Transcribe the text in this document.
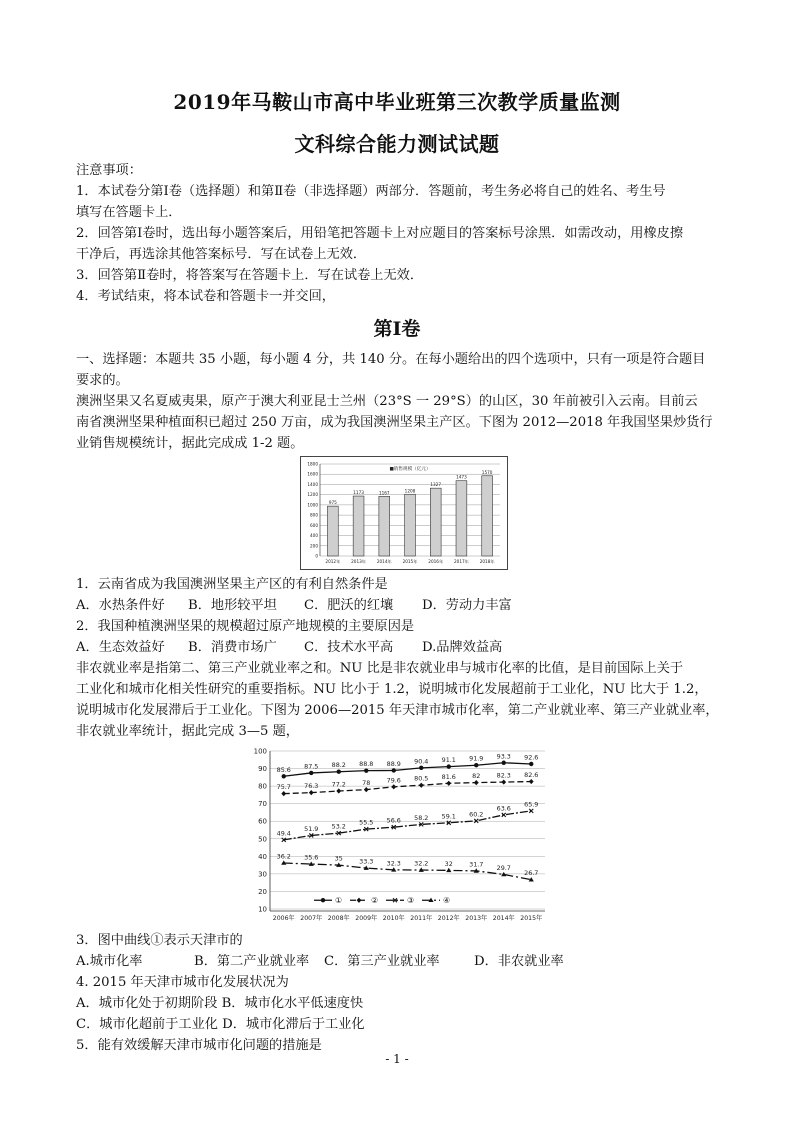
2019年马鞍山市高中毕业班第三次教学质量监测
文科综合能力测试试题

注意事项：

1．本试卷分第Ⅰ卷（选择题）和第Ⅱ卷（非选择题）两部分．答题前，考生务必将自己的姓名、考生号

填写在答题卡上．

2．回答第Ⅰ卷时，选出每小题答案后，用铅笔把答题卡上对应题目的答案标号涂黑．如需改动，用橡皮擦

干净后，再选涂其他答案标号．写在试卷上无效．

3．回答第Ⅱ卷时，将答案写在答题卡上．写在试卷上无效．

4．考试结束，将本试卷和答题卡一并交回，

第Ⅰ卷

一、选择题：本题共 35 小题，每小题 4 分，共 140 分。在每小题给出的四个选项中，只有一项是符合题目

要求的。

澳洲坚果又名夏威夷果，原产于澳大利亚昆士兰州（23°S 一 29°S）的山区，30 年前被引入云南。目前云

南省澳洲坚果种植面积已超过 250 万亩，成为我国澳洲坚果主产区。下图为 2012—2018 年我国坚果炒货行

业销售规模统计，据此完成成 1-2 题。

0
200
400
600
800
1000
1200
1400
1600
1800
■销售规模（亿元）
975
2012年
1173
2013年
1167
2014年
1208
2015年
1327
2016年
1473
2017年
1570
2018年

1．云南省成为我国澳洲坚果主产区的有利自然条件是

A．水热条件好	B．地形较平坦	C．肥沃的红壤	D．劳动力丰富

2．我国种植澳洲坚果的规模超过原产地规模的主要原因是

A．生态效益好	B．消费市场广	C．技术水平高	D.品牌效益高

非农就业率是指第二、第三产业就业率之和。NU 比是非农就业串与城市化率的比值，是目前国际上关于

工业化和城市化相关性研究的重要指标。NU 比小于 1.2，说明城市化发展超前于工业化，NU 比大于 1.2，

说明城市化发展滞后于工业化。下图为 2006—2015 年天津市城市化率，第二产业就业率、第三产业就业率，

非农就业率统计，据此完成 3—5 题，

10
20
30
40
50
60
70
80
90
100
2006年 2007年 2008年 2009年 2010年 2011年 2012年 2013年 2014年 2015年
85.6 87.5 88.2 88.8 88.9 90.4 91.1 91.9 93.3 92.6
75.7 76.3 77.2	78	79.6 80.5 81.6	82	82.3 82.6
49.4
51.9 53.2
55.5 56.6 58.2 59.1 60.2
63.6
65.9
36.2 35.6	35	33.3 32.3 32.2	32	31.7 29.7
26.7
①	②	③	④

3．图中曲线①表示天津市的

A.城市化率	B．第二产业就业率	C．第三产业就业率	D．非农就业率

4. 2015 年天津市城市化发展状况为

A．城市化处于初期阶段 B．城市化水平低速度快

C．城市化超前于工业化 D．城市化滞后于工业化

5．能有效缓解天津市城市化问题的措施是

- 1 -
